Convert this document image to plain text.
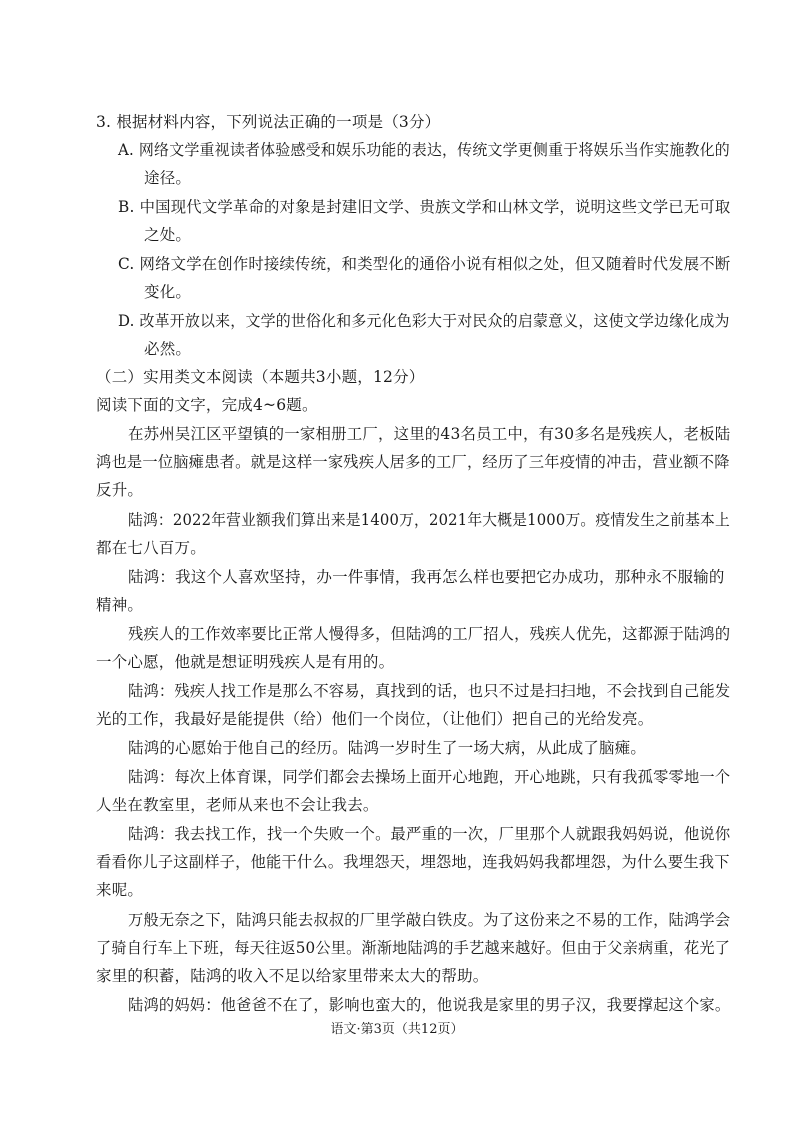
3. 根据材料内容，下列说法正确的一项是（3分）
A. 网络文学重视读者体验感受和娱乐功能的表达，传统文学更侧重于将娱乐当作实施教化的
途径。
B. 中国现代文学革命的对象是封建旧文学、贵族文学和山林文学，说明这些文学已无可取
之处。
C. 网络文学在创作时接续传统，和类型化的通俗小说有相似之处，但又随着时代发展不断
变化。
D. 改革开放以来，文学的世俗化和多元化色彩大于对民众的启蒙意义，这使文学边缘化成为
必然。
（二）实用类文本阅读（本题共3小题，12分）
阅读下面的文字，完成4~6题。
在苏州吴江区平望镇的一家相册工厂，这里的43名员工中，有30多名是残疾人，老板陆
鸿也是一位脑瘫患者。就是这样一家残疾人居多的工厂，经历了三年疫情的冲击，营业额不降
反升。
陆鸿：2022年营业额我们算出来是1400万，2021年大概是1000万。疫情发生之前基本上
都在七八百万。
陆鸿：我这个人喜欢坚持，办一件事情，我再怎么样也要把它办成功，那种永不服输的
精神。
残疾人的工作效率要比正常人慢得多，但陆鸿的工厂招人，残疾人优先，这都源于陆鸿的
一个心愿，他就是想证明残疾人是有用的。
陆鸿：残疾人找工作是那么不容易，真找到的话，也只不过是扫扫地，不会找到自己能发
光的工作，我最好是能提供（给）他们一个岗位，（让他们）把自己的光给发亮。
陆鸿的心愿始于他自己的经历。陆鸿一岁时生了一场大病，从此成了脑瘫。
陆鸿：每次上体育课，同学们都会去操场上面开心地跑，开心地跳，只有我孤零零地一个
人坐在教室里，老师从来也不会让我去。
陆鸿：我去找工作，找一个失败一个。最严重的一次，厂里那个人就跟我妈妈说，他说你
看看你儿子这副样子，他能干什么。我埋怨天，埋怨地，连我妈妈我都埋怨，为什么要生我下
来呢。
万般无奈之下，陆鸿只能去叔叔的厂里学敲白铁皮。为了这份来之不易的工作，陆鸿学会
了骑自行车上下班，每天往返50公里。渐渐地陆鸿的手艺越来越好。但由于父亲病重，花光了
家里的积蓄，陆鸿的收入不足以给家里带来太大的帮助。
陆鸿的妈妈：他爸爸不在了，影响也蛮大的，他说我是家里的男子汉，我要撑起这个家。
语文·第3页（共12页）
